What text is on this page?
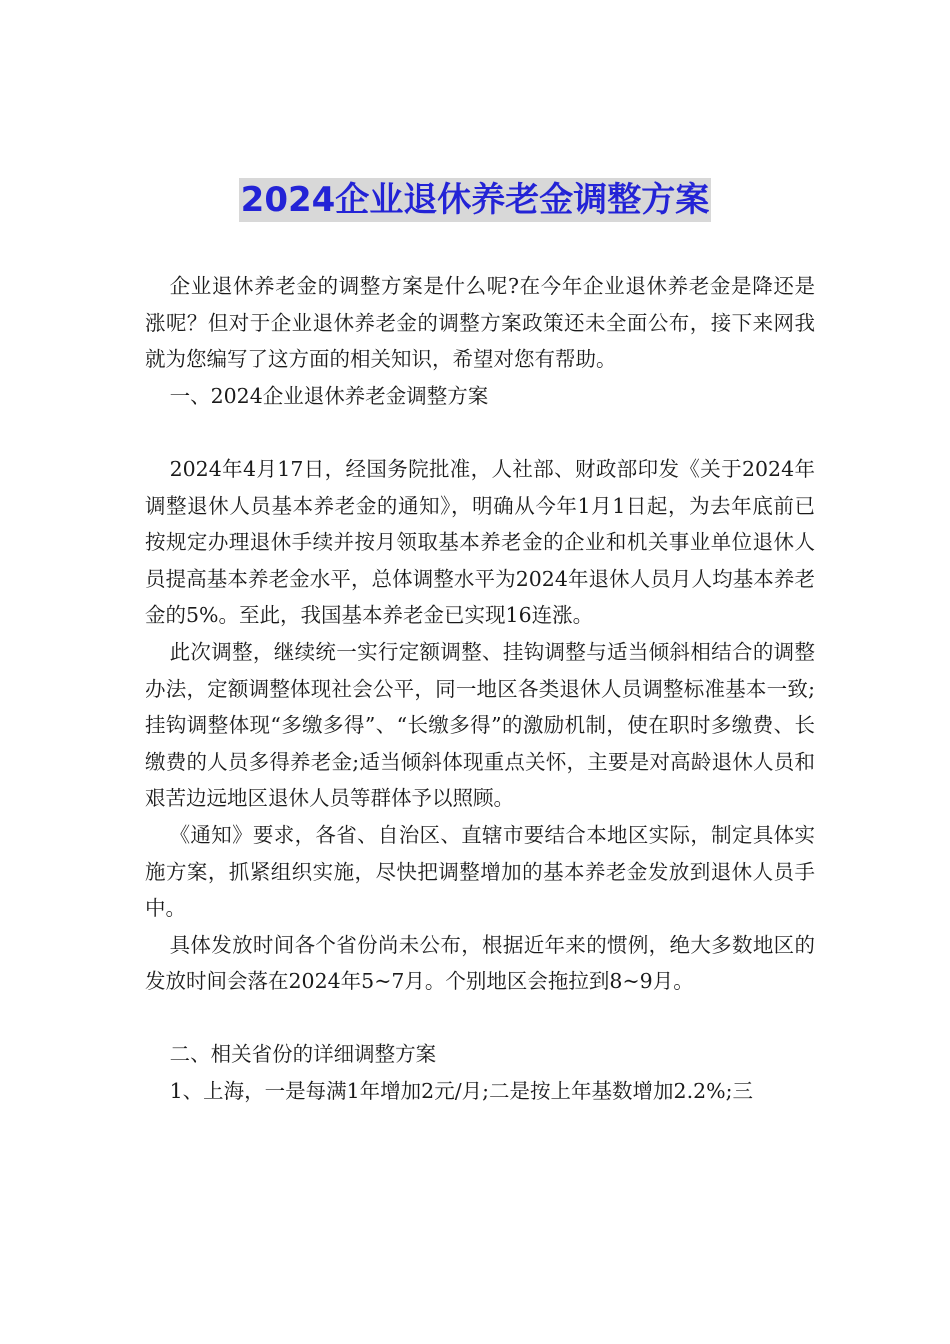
2024企业退休养老金调整方案

企业退休养老金的调整方案是什么呢?在今年企业退休养老金是降还是涨呢？但对于企业退休养老金的调整方案政策还未全面公布，接下来网我就为您编写了这方面的相关知识，希望对您有帮助。

一、2024企业退休养老金调整方案

2024年4月17日，经国务院批准，人社部、财政部印发《关于2024年调整退休人员基本养老金的通知》，明确从今年1月1日起，为去年底前已按规定办理退休手续并按月领取基本养老金的企业和机关事业单位退休人员提高基本养老金水平，总体调整水平为2024年退休人员月人均基本养老金的5%。至此，我国基本养老金已实现16连涨。

此次调整，继续统一实行定额调整、挂钩调整与适当倾斜相结合的调整办法，定额调整体现社会公平，同一地区各类退休人员调整标准基本一致;挂钩调整体现“多缴多得”、“长缴多得”的激励机制，使在职时多缴费、长缴费的人员多得养老金;适当倾斜体现重点关怀，主要是对高龄退休人员和艰苦边远地区退休人员等群体予以照顾。

《通知》要求，各省、自治区、直辖市要结合本地区实际，制定具体实施方案，抓紧组织实施，尽快把调整增加的基本养老金发放到退休人员手中。

具体发放时间各个省份尚未公布，根据近年来的惯例，绝大多数地区的发放时间会落在2024年5~7月。个别地区会拖拉到8~9月。

二、相关省份的详细调整方案

1、上海，一是每满1年增加2元/月;二是按上年基数增加2.2%;三
